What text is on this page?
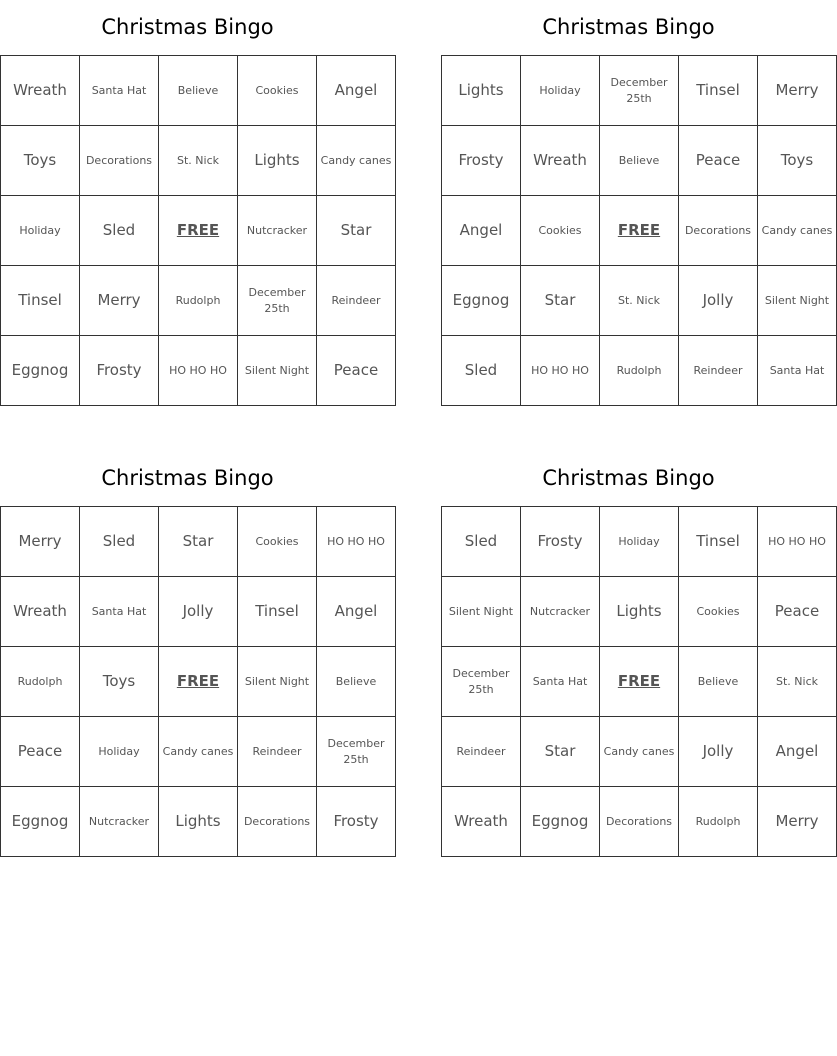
Christmas Bingo
Wreath	Santa Hat	Believe	Cookies	Angel
Toys	Decorations	St. Nick	Lights	Candy canes
Holiday	Sled	FREE	Nutcracker	Star
Tinsel	Merry	Rudolph	December 25th	Reindeer
Eggnog	Frosty	HO HO HO	Silent Night	Peace
Christmas Bingo
Lights	Holiday	December 25th	Tinsel	Merry
Frosty	Wreath	Believe	Peace	Toys
Angel	Cookies	FREE	Decorations	Candy canes
Eggnog	Star	St. Nick	Jolly	Silent Night
Sled	HO HO HO	Rudolph	Reindeer	Santa Hat
Christmas Bingo
Merry	Sled	Star	Cookies	HO HO HO
Wreath	Santa Hat	Jolly	Tinsel	Angel
Rudolph	Toys	FREE	Silent Night	Believe
Peace	Holiday	Candy canes	Reindeer	December 25th
Eggnog	Nutcracker	Lights	Decorations	Frosty
Christmas Bingo
Sled	Frosty	Holiday	Tinsel	HO HO HO
Silent Night	Nutcracker	Lights	Cookies	Peace
December 25th	Santa Hat	FREE	Believe	St. Nick
Reindeer	Star	Candy canes	Jolly	Angel
Wreath	Eggnog	Decorations	Rudolph	Merry
